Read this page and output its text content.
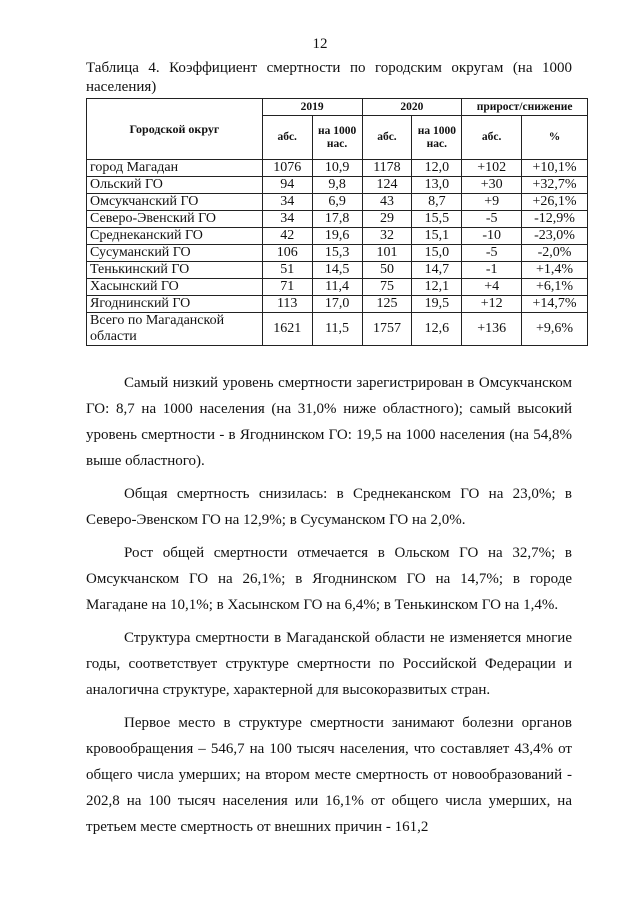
12
Таблица 4. Коэффициент смертности по городским округам (на 1000
населения)
Городской округ	2019		2020		прирост/снижение	
	абс.	на 1000 нас.	абс.	на 1000 нас.	абс.	%
город Магадан	1076	10,9	1178	12,0	+102	+10,1%
Ольский ГО	94	9,8	124	13,0	+30	+32,7%
Омсукчанский ГО	34	6,9	43	8,7	+9	+26,1%
Северо-Эвенский ГО	34	17,8	29	15,5	-5	-12,9%
Среднеканский ГО	42	19,6	32	15,1	-10	-23,0%
Сусуманский ГО	106	15,3	101	15,0	-5	-2,0%
Тенькинский ГО	51	14,5	50	14,7	-1	+1,4%
Хасынский ГО	71	11,4	75	12,1	+4	+6,1%
Ягоднинский ГО	113	17,0	125	19,5	+12	+14,7%
Всего по Магаданской
области	1621	11,5	1757	12,6	+136	+9,6%

Самый низкий уровень смертности зарегистрирован в Омсукчанском ГО: 8,7 на 1000 населения (на 31,0% ниже областного); самый высокий уровень смертности - в Ягоднинском ГО: 19,5 на 1000 населения (на 54,8% выше областного).

Общая смертность снизилась: в Среднеканском ГО на 23,0%; в Северо-Эвенском ГО на 12,9%; в Сусуманском ГО на 2,0%.

Рост общей смертности отмечается в Ольском ГО на 32,7%; в Омсукчанском ГО на 26,1%; в Ягоднинском ГО на 14,7%; в городе Магадане на 10,1%; в Хасынском ГО на 6,4%; в Тенькинском ГО на 1,4%.

Структура смертности в Магаданской области не изменяется многие годы, соответствует структуре смертности по Российской Федерации и аналогична структуре, характерной для высокоразвитых стран.

Первое место в структуре смертности занимают болезни органов кровообращения – 546,7 на 100 тысяч населения, что составляет 43,4% от общего числа умерших; на втором месте смертность от новообразований - 202,8 на 100 тысяч населения или 16,1% от общего числа умерших, на третьем месте смертность от внешних причин - 161,2
